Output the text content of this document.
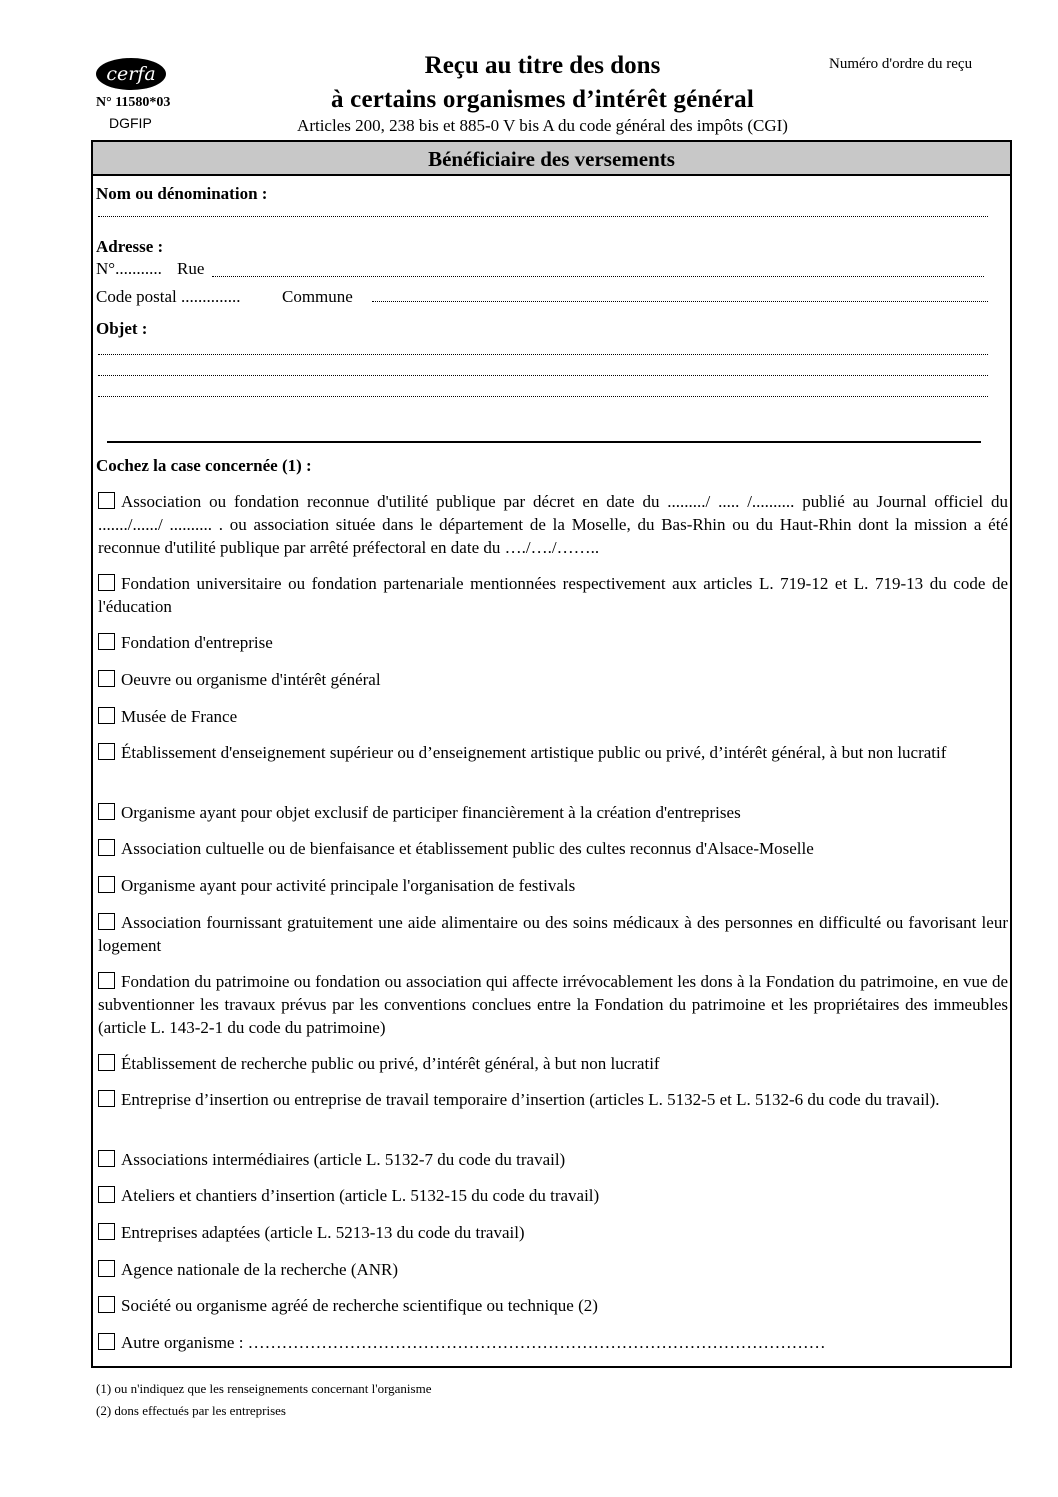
cerfa
N° 11580*03
DGFIP
Reçu au titre des dons
à certains organismes d’intérêt général
Articles 200, 238 bis et 885-0 V bis A du code général des impôts (CGI)
Numéro d'ordre du reçu
Bénéficiaire des versements
Nom ou dénomination :
Adresse :
N°........... Rue
Code postal .............. Commune
Objet :
Cochez la case concernée (1) :
Association ou fondation reconnue d'utilité publique par décret en date du ........./ ..... /.......... publié au Journal officiel du ......./....../ .......... . ou association située dans le département de la Moselle, du Bas-Rhin ou du Haut-Rhin dont la mission a été reconnue d'utilité publique par arrêté préfectoral en date du …./…./……..
Fondation universitaire ou fondation partenariale mentionnées respectivement aux articles L. 719-12 et L. 719-13 du code de l'éducation
Fondation d'entreprise
Oeuvre ou organisme d'intérêt général
Musée de France
Établissement d'enseignement supérieur ou d’enseignement artistique public ou privé, d’intérêt général, à but non lucratif
Organisme ayant pour objet exclusif de participer financièrement à la création d'entreprises
Association cultuelle ou de bienfaisance et établissement public des cultes reconnus d'Alsace-Moselle
Organisme ayant pour activité principale l'organisation de festivals
Association fournissant gratuitement une aide alimentaire ou des soins médicaux à des personnes en difficulté ou favorisant leur logement
Fondation du patrimoine ou fondation ou association qui affecte irrévocablement les dons à la Fondation du patrimoine, en vue de subventionner les travaux prévus par les conventions conclues entre la Fondation du patrimoine et les propriétaires des immeubles (article L. 143-2-1 du code du patrimoine)
Établissement de recherche public ou privé, d’intérêt général, à but non lucratif
Entreprise d’insertion ou entreprise de travail temporaire d’insertion (articles L. 5132-5 et L. 5132-6 du code du travail).
Associations intermédiaires (article L. 5132-7 du code du travail)
Ateliers et chantiers d’insertion (article L. 5132-15 du code du travail)
Entreprises adaptées (article L. 5213-13 du code du travail)
Agence nationale de la recherche (ANR)
Société ou organisme agréé de recherche scientifique ou technique (2)
Autre organisme : …………………………………………………………………………………………
(1) ou n'indiquez que les renseignements concernant l'organisme
(2) dons effectués par les entreprises
